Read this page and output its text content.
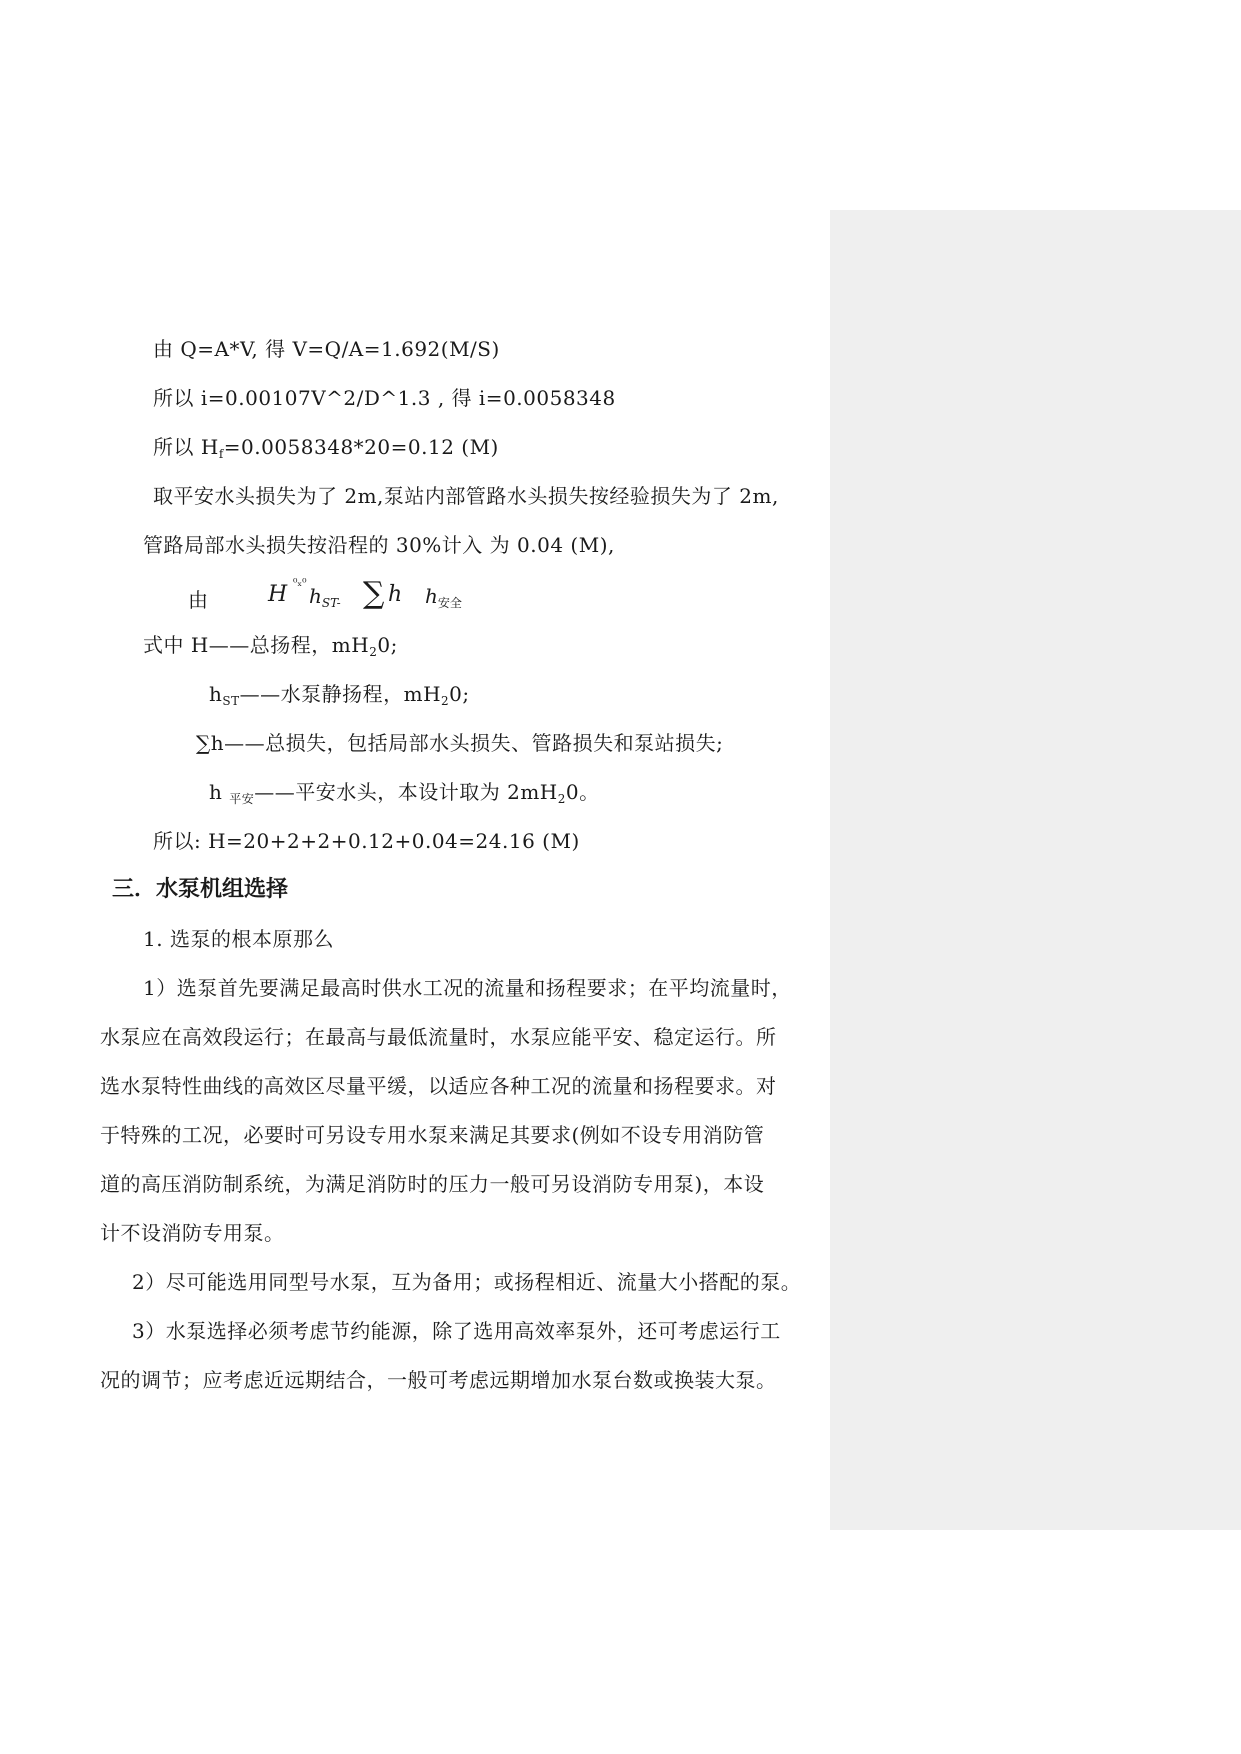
由 Q=A*V, 得 V=Q/A=1.692(M/S)
所以 i=0.00107V^2/D^1.3 , 得 i=0.0058348
所以 $H_f=0.0058348*20=0.12$ (M)
取平安水头损失为了 2m,泵站内部管路水头损失按经验损失为了 2m,
管路局部水头损失按沿程的 30%计入 为 0.04 (M),
由	H ⁰ₓ⁰
$h_{ST-}$ ∑ h $h_{安全}$
式中 H——总扬程，$mH_20$;
$h_{ST}——$水泵静扬程，$mH_20$;
∑h——总损失，包括局部水头损失、管路损失和泵站损失;
h $_{平安}$——平安水头，本设计取为 $2mH_20$。
所以: H=20+2+2+0.12+0.04=24.16 (M)
三．水泵机组选择
1. 选泵的根本原那么
1）选泵首先要满足最高时供水工况的流量和扬程要求；在平均流量时，
水泵应在高效段运行；在最高与最低流量时，水泵应能平安、稳定运行。所
选水泵特性曲线的高效区尽量平缓，以适应各种工况的流量和扬程要求。对
于特殊的工况，必要时可另设专用水泵来满足其要求(例如不设专用消防管
道的高压消防制系统，为满足消防时的压力一般可另设消防专用泵)，本设
计不设消防专用泵。
2）尽可能选用同型号水泵，互为备用；或扬程相近、流量大小搭配的泵。
3）水泵选择必须考虑节约能源，除了选用高效率泵外，还可考虑运行工
况的调节；应考虑近远期结合，一般可考虑远期增加水泵台数或换装大泵。
